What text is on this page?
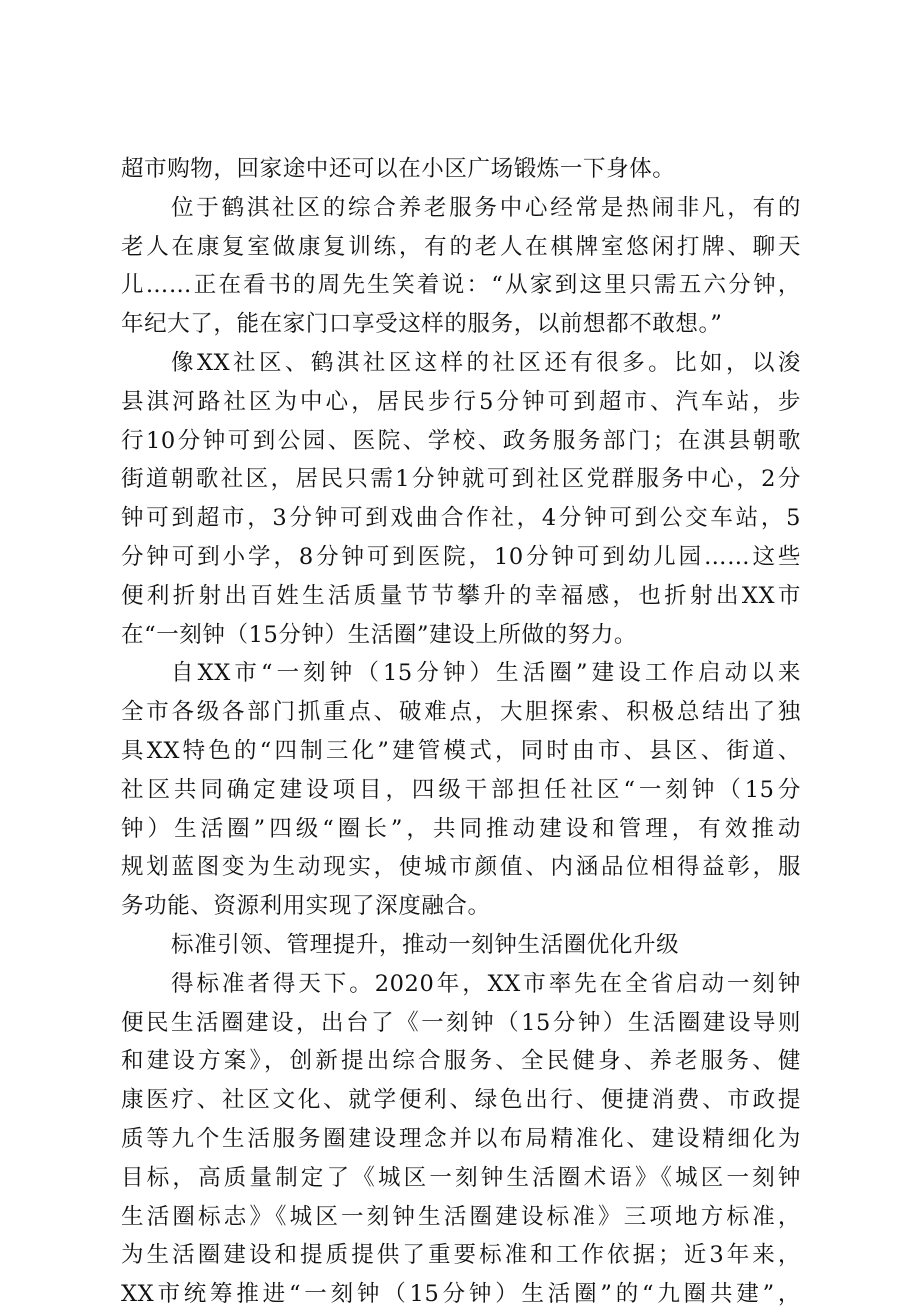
超市购物，回家途中还可以在小区广场锻炼一下身体。
位于鹤淇社区的综合养老服务中心经常是热闹非凡，有的
老人在康复室做康复训练，有的老人在棋牌室悠闲打牌、聊天
儿……正在看书的周先生笑着说：“从家到这里只需五六分钟，
年纪大了，能在家门口享受这样的服务，以前想都不敢想。”
像XX社区、鹤淇社区这样的社区还有很多。比如，以浚
县淇河路社区为中心，居民步行5分钟可到超市、汽车站，步
行10分钟可到公园、医院、学校、政务服务部门；在淇县朝歌
街道朝歌社区，居民只需1分钟就可到社区党群服务中心，2分
钟可到超市，3分钟可到戏曲合作社，4分钟可到公交车站，5
分钟可到小学，8分钟可到医院，10分钟可到幼儿园……这些
便利折射出百姓生活质量节节攀升的幸福感，也折射出XX市
在“一刻钟（15分钟）生活圈”建设上所做的努力。
自XX市“一刻钟（15分钟）生活圈”建设工作启动以来
全市各级各部门抓重点、破难点，大胆探索、积极总结出了独
具XX特色的“四制三化”建管模式，同时由市、县区、街道、
社区共同确定建设项目，四级干部担任社区“一刻钟（15分
钟）生活圈”四级“圈长”，共同推动建设和管理，有效推动
规划蓝图变为生动现实，使城市颜值、内涵品位相得益彰，服
务功能、资源利用实现了深度融合。
标准引领、管理提升，推动一刻钟生活圈优化升级
得标准者得天下。2020年，XX市率先在全省启动一刻钟
便民生活圈建设，出台了《一刻钟（15分钟）生活圈建设导则
和建设方案》，创新提出综合服务、全民健身、养老服务、健
康医疗、社区文化、就学便利、绿色出行、便捷消费、市政提
质等九个生活服务圈建设理念并以布局精准化、建设精细化为
目标，高质量制定了《城区一刻钟生活圈术语》《城区一刻钟
生活圈标志》《城区一刻钟生活圈建设标准》三项地方标准，
为生活圈建设和提质提供了重要标准和工作依据；近3年来，
XX市统筹推进“一刻钟（15分钟）生活圈”的“九圈共建”，
